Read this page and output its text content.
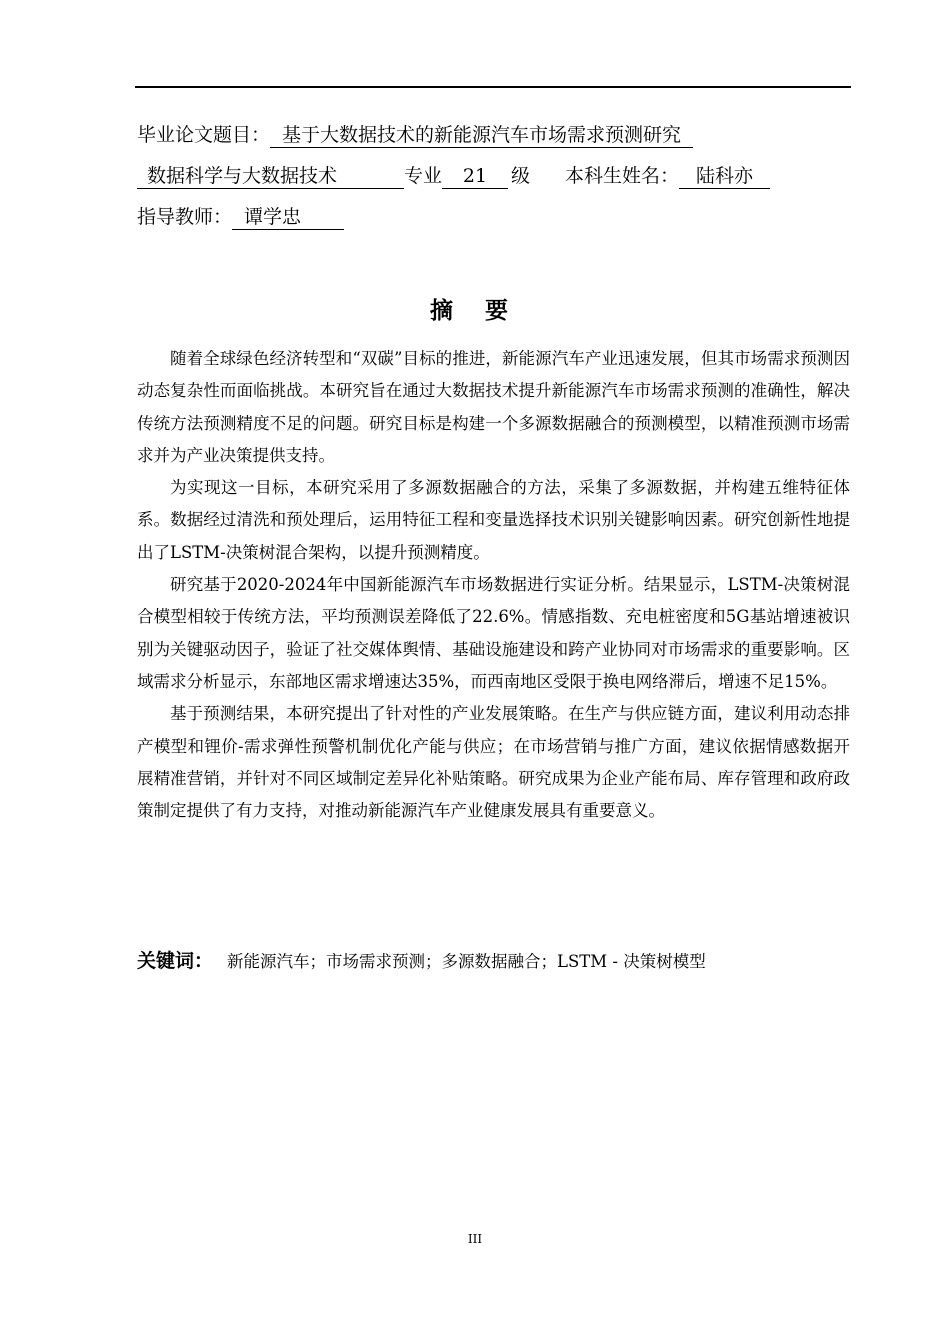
毕业论文题目： 基于大数据技术的新能源汽车市场需求预测研究
数据科学与大数据技术	专业 21 级 本科生姓名： 陆科亦
指导教师： 谭学忠
摘 要

随着全球绿色经济转型和“双碳”目标的推进，新能源汽车产业迅速发展，但其市场需求预测因动态复杂性而面临挑战。本研究旨在通过大数据技术提升新能源汽车市场需求预测的准确性，解决传统方法预测精度不足的问题。研究目标是构建一个多源数据融合的预测模型，以精准预测市场需求并为产业决策提供支持。

为实现这一目标，本研究采用了多源数据融合的方法，采集了多源数据，并构建五维特征体系。数据经过清洗和预处理后，运用特征工程和变量选择技术识别关键影响因素。研究创新性地提出了LSTM-决策树混合架构，以提升预测精度。

研究基于2020-2024年中国新能源汽车市场数据进行实证分析。结果显示，LSTM-决策树混合模型相较于传统方法，平均预测误差降低了22.6%。情感指数、充电桩密度和5G基站增速被识别为关键驱动因子，验证了社交媒体舆情、基础设施建设和跨产业协同对市场需求的重要影响。区域需求分析显示，东部地区需求增速达35%，而西南地区受限于换电网络滞后，增速不足15%。

基于预测结果，本研究提出了针对性的产业发展策略。在生产与供应链方面，建议利用动态排产模型和锂价-需求弹性预警机制优化产能与供应；在市场营销与推广方面，建议依据情感数据开展精准营销，并针对不同区域制定差异化补贴策略。研究成果为企业产能布局、库存管理和政府政策制定提供了有力支持，对推动新能源汽车产业健康发展具有重要意义。

关键词： 新能源汽车；市场需求预测；多源数据融合；LSTM - 决策树模型
III
